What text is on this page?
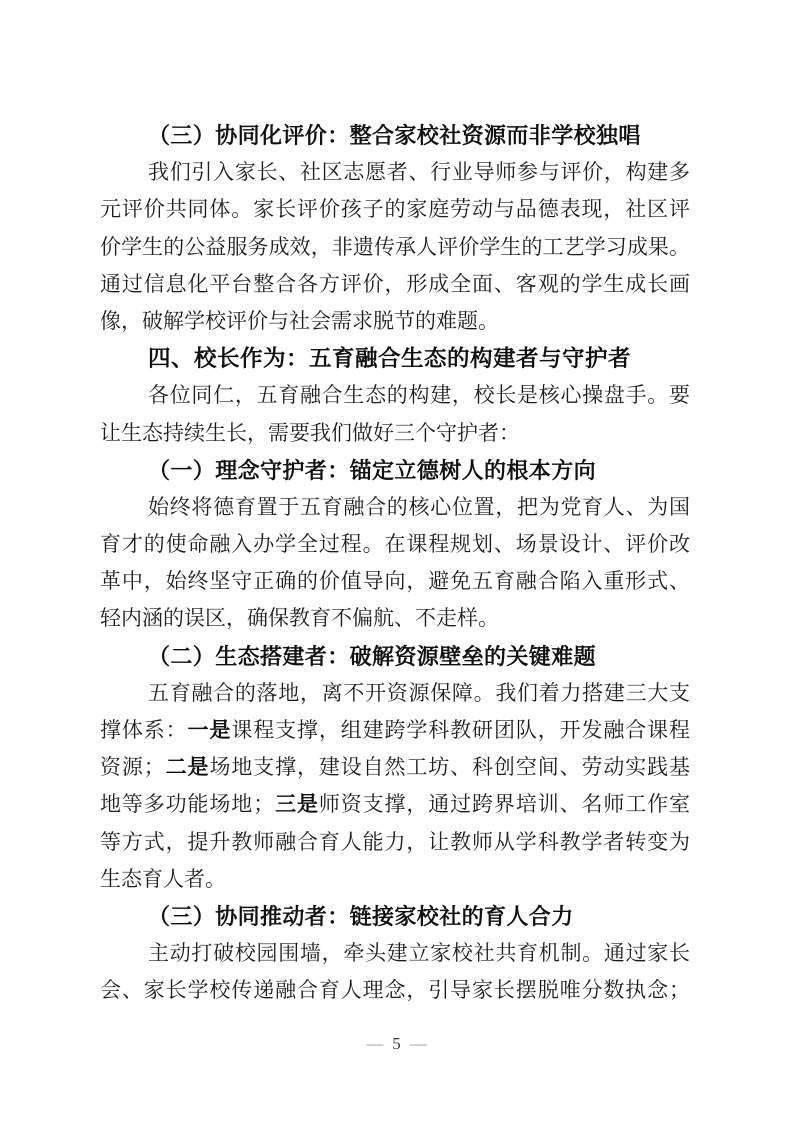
（三）协同化评价：整合家校社资源而非学校独唱
我们引入家长、社区志愿者、行业导师参与评价，构建多
元评价共同体。家长评价孩子的家庭劳动与品德表现，社区评
价学生的公益服务成效，非遗传承人评价学生的工艺学习成果。
通过信息化平台整合各方评价，形成全面、客观的学生成长画
像，破解学校评价与社会需求脱节的难题。
四、校长作为：五育融合生态的构建者与守护者
各位同仁，五育融合生态的构建，校长是核心操盘手。要
让生态持续生长，需要我们做好三个守护者：
（一）理念守护者：锚定立德树人的根本方向
始终将德育置于五育融合的核心位置，把为党育人、为国
育才的使命融入办学全过程。在课程规划、场景设计、评价改
革中，始终坚守正确的价值导向，避免五育融合陷入重形式、
轻内涵的误区，确保教育不偏航、不走样。
（二）生态搭建者：破解资源壁垒的关键难题
五育融合的落地，离不开资源保障。我们着力搭建三大支
撑体系：一是课程支撑，组建跨学科教研团队，开发融合课程
资源；二是场地支撑，建设自然工坊、科创空间、劳动实践基
地等多功能场地；三是师资支撑，通过跨界培训、名师工作室
等方式，提升教师融合育人能力，让教师从学科教学者转变为
生态育人者。
（三）协同推动者：链接家校社的育人合力
主动打破校园围墙，牵头建立家校社共育机制。通过家长
会、家长学校传递融合育人理念，引导家长摆脱唯分数执念；
— 5 —
